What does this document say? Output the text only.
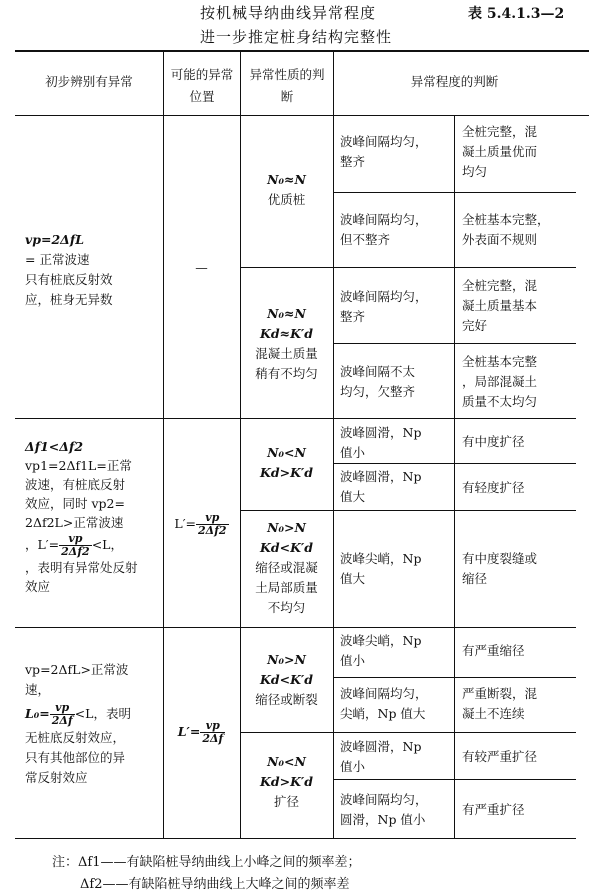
按机械导纳曲线异常程度	表 5.4.1.3—2
进一步推定桩身结构完整性
初步辨别有异常	可能的异常位置
异常性质的判断
异常程度的判断
vp=2ΔfL
= 正常波速
只有桩底反射效
应，桩身无异数
—
N₀≈N
优质桩
波峰间隔均匀，
整齐
全桩完整，混
凝土质量优而
均匀
波峰间隔均匀，
但不整齐
全桩基本完整，
外表面不规则
N₀≈N
Kd≈K′d
混凝土质量
稍有不均匀
波峰间隔均匀，
整齐
全桩完整，混
凝土质量基本
完好
波峰间隔不太
均匀，欠整齐
全桩基本完整
，局部混凝土
质量不太均匀
Δf1<Δf2
vp1=2Δf1L=正常
波速，有桩底反射
效应，同时 vp2=
2Δf2L>正常波速
，$L'= \frac{vp}{2\Delta f2} <L$，
，表明有异常处反射
效应
$L'= \frac{vp}{2\Delta f2}$
N₀<N
Kd>K′d
波峰圆滑，Np
值小
有中度扩径
波峰圆滑，Np
值大
有轻度扩径
N₀>N
Kd<K′d
缩径或混凝
土局部质量
不均匀
波峰尖峭，Np
值大
有中度裂缝或
缩径
vp=2ΔfL>正常波
速，
$L_0= \frac{vp}{2\Delta f} <L$，表明
无桩底反射效应，
只有其他部位的异
常反射效应
$L'= \frac{vp}{2\Delta f}$
N₀>N
Kd<K′d
缩径或断裂
波峰尖峭，Np
值小
有严重缩径
波峰间隔均匀，
尖峭，Np 值大
严重断裂，混
凝土不连续
N₀<N
Kd>K′d
扩径
波峰圆滑，Np
值小
有较严重扩径
波峰间隔均匀，
圆滑，Np 值小
有严重扩径
注：Δf1——有缺陷桩导纳曲线上小峰之间的频率差；
Δf2——有缺陷桩导纳曲线上大峰之间的频率差
